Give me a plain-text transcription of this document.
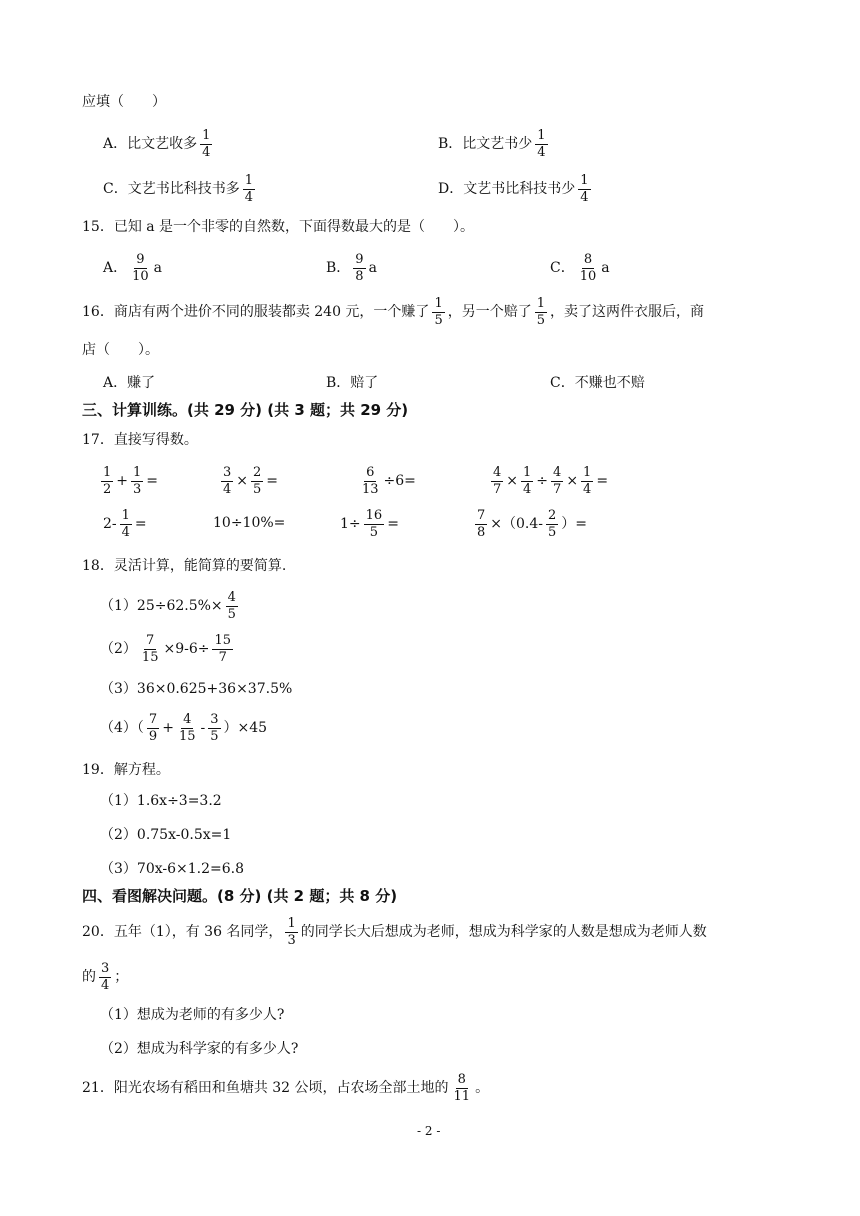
应填（　　）
A．比文艺收多 $\frac{1}{4}$	B．比文艺书少 $\frac{1}{4}$
C．文艺书比科技书多 $\frac{1}{4}$	D．文艺书比科技书少 $\frac{1}{4}$
15．已知 a 是一个非零的自然数，下面得数最大的是（　　）。
A． $\frac{9}{10}$ a	B． $\frac{9}{8}$ a	C． $\frac{8}{10}$ a
16．商店有两个进价不同的服装都卖 240 元，一个赚了 $\frac{1}{5}$ ，另一个赔了 $\frac{1}{5}$ ，卖了这两件衣服后，商
店（　　）。
A．赚了	B．赔了	C．不赚也不赔
三、计算训练。(共 29 分) (共 3 题；共 29 分)
17．直接写得数。
$\frac{1}{2} + \frac{1}{3}$ =	$\frac{3}{4} \times \frac{2}{5}$ =	$\frac{6}{13} \div 6=$	$\frac{4}{7} \times \frac{1}{4} \div \frac{4}{7} \times \frac{1}{4}$ =
$2- \frac{1}{4}$ =	10÷10%=	$1\div \frac{16}{5}$ =	$\frac{7}{8} \times(0.4- \frac{2}{5}$ ）=
18．灵活计算，能简算的要简算.
$(1)25\div 62.5\%\times \frac{4}{5}$
$(2) \frac{7}{15} \times 9-6\div \frac{15}{7}$
（3）36×0.625+36×37.5%
$(4)( \frac{7}{9} + \frac{4}{15} - \frac{3}{5} )\times 45$
19．解方程。
（1）1.6x÷3=3.2
（2）0.75x-0.5x=1
（3）70x-6×1.2=6.8
四、看图解决问题。(8 分) (共 2 题；共 8 分)
20．五年（1），有 36 名同学， $\frac{1}{3}$ 的同学长大后想成为老师，想成为科学家的人数是想成为老师人数
的 $\frac{3}{4}$ ；
（1）想成为老师的有多少人?
（2）想成为科学家的有多少人?
21．阳光农场有稻田和鱼塘共 32 公顷，占农场全部土地的 $\frac{8}{11}$ 。
- 2 -
